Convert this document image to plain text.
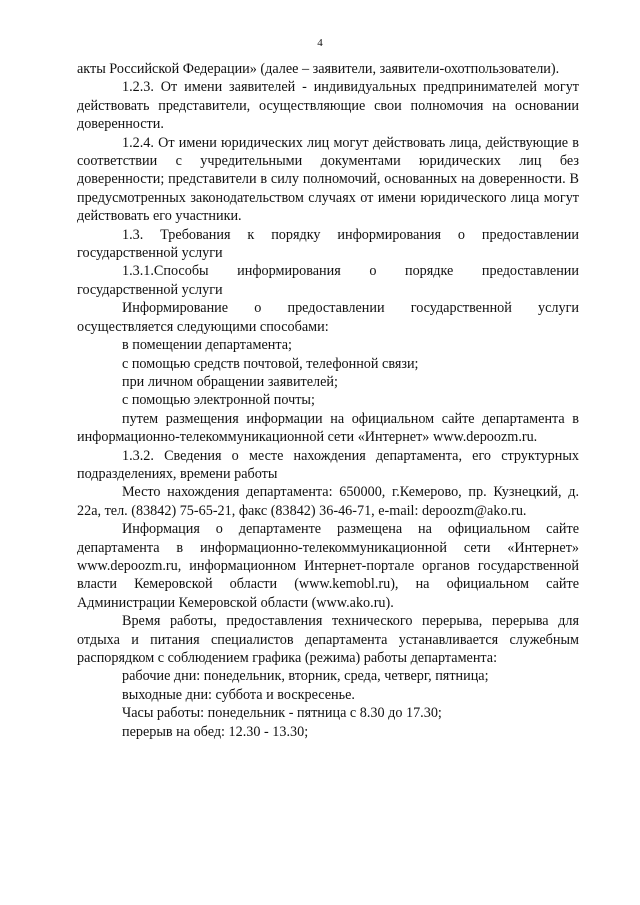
4

акты Российской Федерации» (далее – заявители, заявители-охотпользователи).

1.2.3. От имени заявителей - индивидуальных предпринимателей могут действовать представители, осуществляющие свои полномочия на основании доверенности.

1.2.4. От имени юридических лиц могут действовать лица, действующие в соответствии с учредительными документами юридических лиц без доверенности; представители в силу полномочий, основанных на доверенности. В предусмотренных законодательством случаях от имени юридического лица могут действовать его участники.

1.3. Требования к порядку информирования о предоставлении государственной услуги

1.3.1.Способы информирования о порядке предоставлении государственной услуги

Информирование о предоставлении государственной услуги осуществляется следующими способами:

в помещении департамента;

с помощью средств почтовой, телефонной связи;

при личном обращении заявителей;

с помощью электронной почты;

путем размещения информации на официальном сайте департамента в информационно-телекоммуникационной сети «Интернет» www.depoozm.ru.

1.3.2. Сведения о месте нахождения департамента, его структурных подразделениях, времени работы

Место нахождения департамента: 650000, г.Кемерово, пр. Кузнецкий, д. 22а, тел. (83842) 75-65-21, факс (83842) 36-46-71, e-mail: depoozm@ako.ru.

Информация о департаменте размещена на официальном сайте департамента в информационно-телекоммуникационной сети «Интернет» www.depoozm.ru, информационном Интернет-портале органов государственной власти Кемеровской области (www.kemobl.ru), на официальном сайте Администрации Кемеровской области (www.ako.ru).

Время работы, предоставления технического перерыва, перерыва для отдыха и питания специалистов департамента устанавливается служебным распорядком с соблюдением графика (режима) работы департамента:

рабочие дни: понедельник, вторник, среда, четверг, пятница;

выходные дни: суббота и воскресенье.

Часы работы: понедельник - пятница с 8.30 до 17.30;

перерыв на обед: 12.30 - 13.30;
